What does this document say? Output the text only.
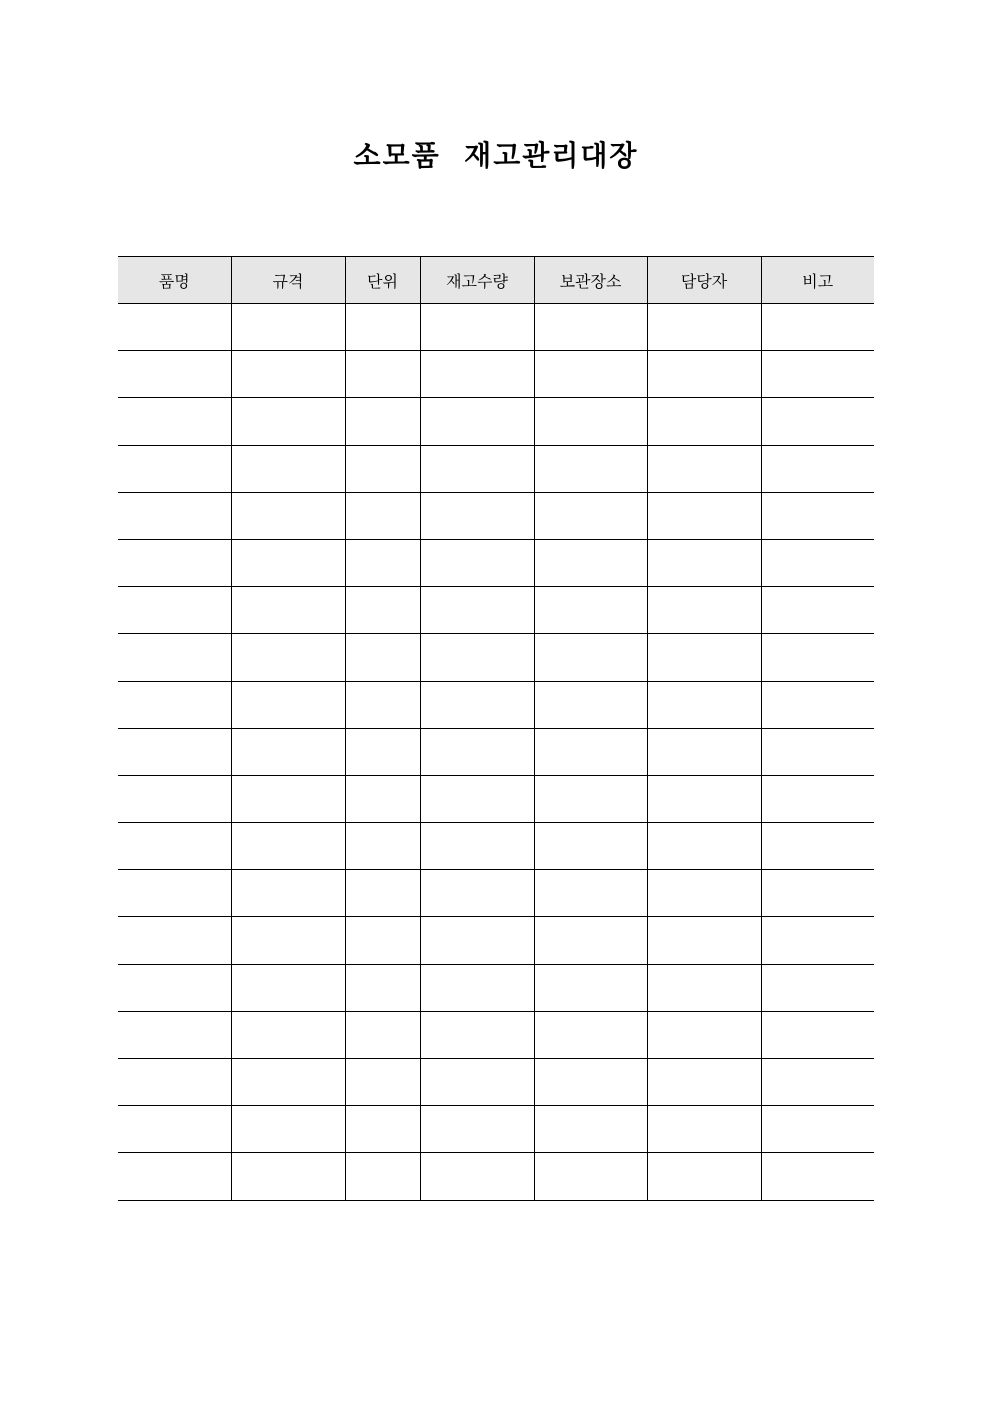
소모품  재고관리대장
품명	규격	단위	재고수량	보관장소	담당자	비고
